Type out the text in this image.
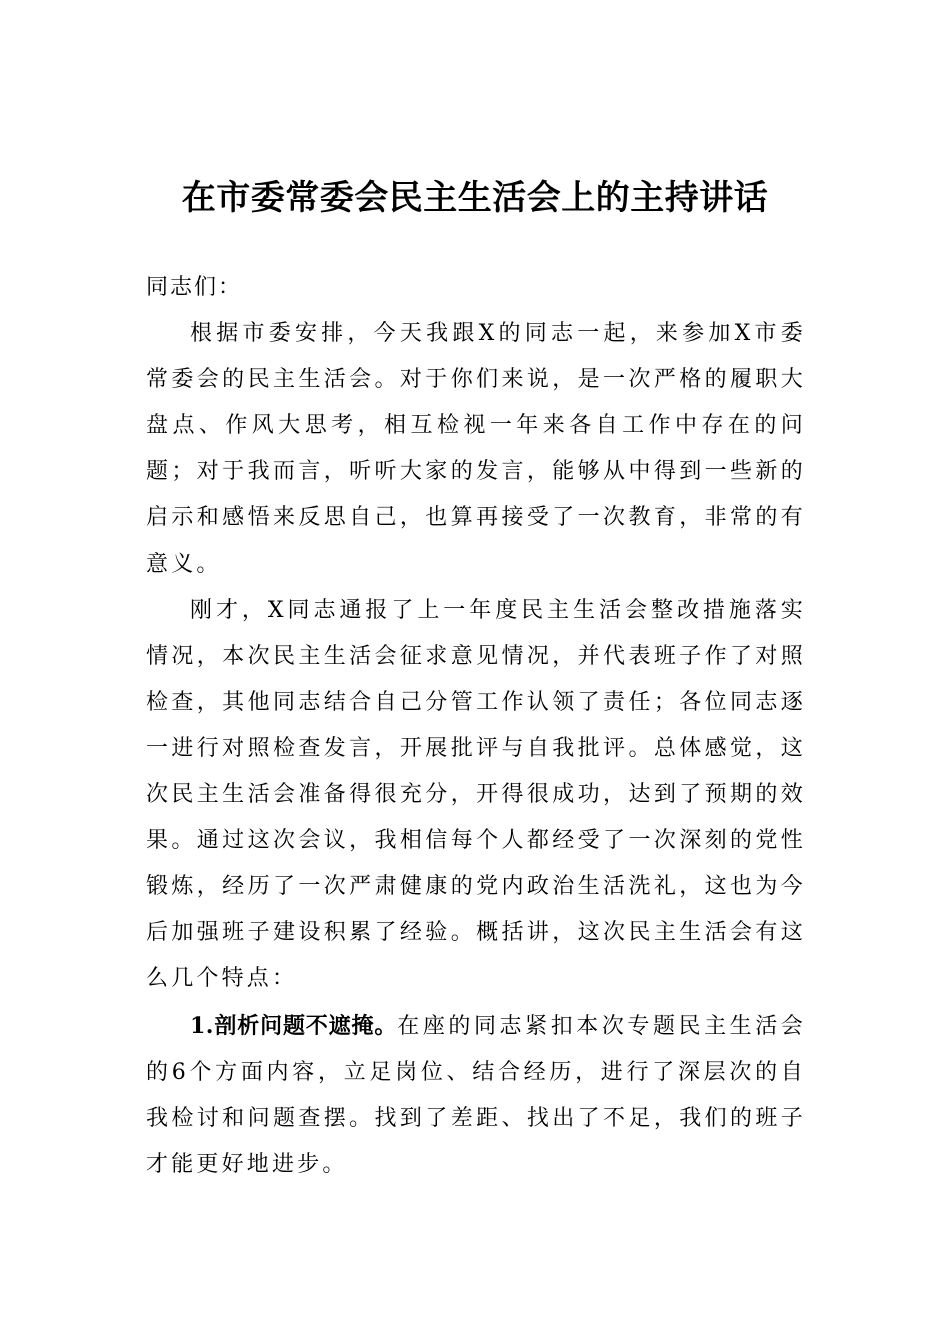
在市委常委会民主生活会上的主持讲话

同志们：

根据市委安排，今天我跟X的同志一起，来参加X市委常委会的民主生活会。对于你们来说，是一次严格的履职大盘点、作风大思考，相互检视一年来各自工作中存在的问题；对于我而言，听听大家的发言，能够从中得到一些新的启示和感悟来反思自己，也算再接受了一次教育，非常的有意义。

刚才，X同志通报了上一年度民主生活会整改措施落实情况，本次民主生活会征求意见情况，并代表班子作了对照检查，其他同志结合自己分管工作认领了责任；各位同志逐一进行对照检查发言，开展批评与自我批评。总体感觉，这次民主生活会准备得很充分，开得很成功，达到了预期的效果。通过这次会议，我相信每个人都经受了一次深刻的党性锻炼，经历了一次严肃健康的党内政治生活洗礼，这也为今后加强班子建设积累了经验。概括讲，这次民主生活会有这么几个特点：

1.剖析问题不遮掩。在座的同志紧扣本次专题民主生活会的6个方面内容，立足岗位、结合经历，进行了深层次的自我检讨和问题查摆。找到了差距、找出了不足，我们的班子才能更好地进步。
